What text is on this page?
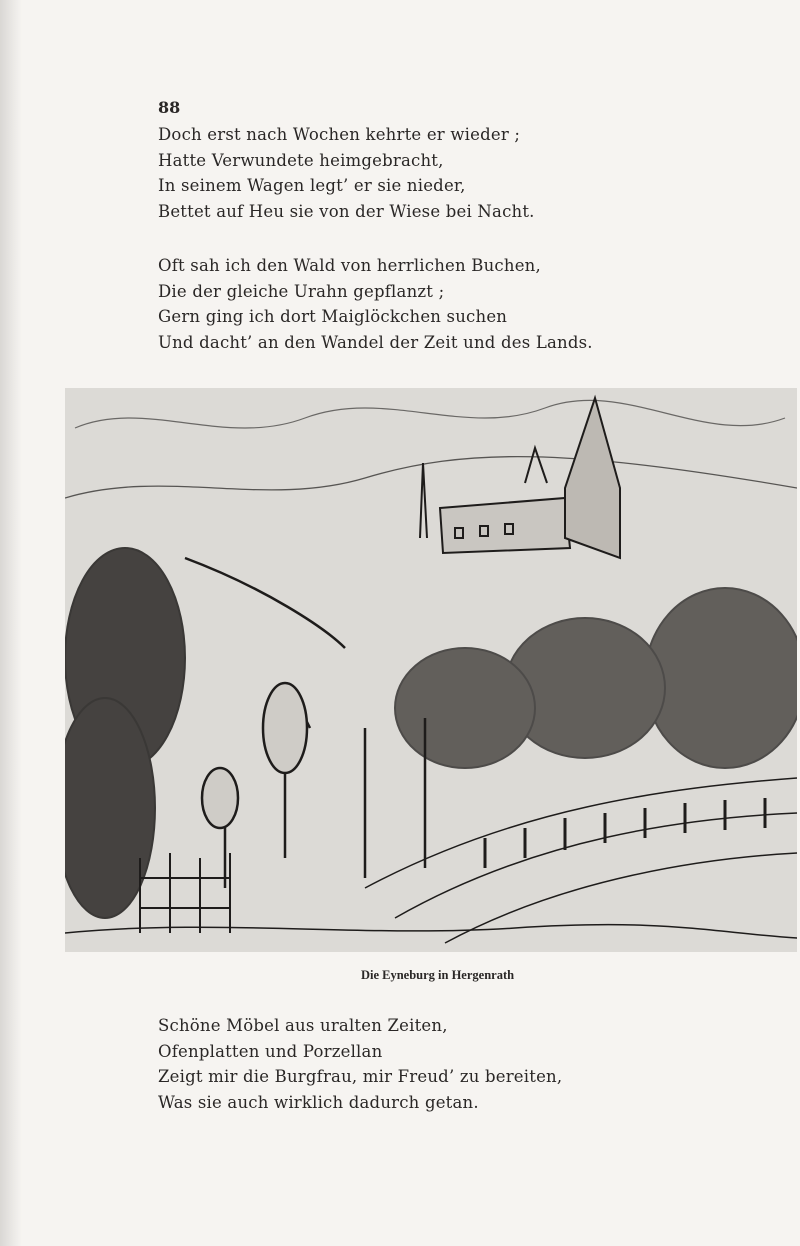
88
Doch erst nach Wochen kehrte er wieder ;
Hatte Verwundete heimgebracht,
In seinem Wagen legt’ er sie nieder,
Bettet auf Heu sie von der Wiese bei Nacht.
Oft sah ich den Wald von herrlichen Buchen,
Die der gleiche Urahn gepflanzt ;
Gern ging ich dort Maiglöckchen suchen
Und dacht’ an den Wandel der Zeit und des Lands.
Die Eyneburg in Hergenrath
Schöne Möbel aus uralten Zeiten,
Ofenplatten und Porzellan
Zeigt mir die Burgfrau, mir Freud’ zu bereiten,
Was sie auch wirklich dadurch getan.
